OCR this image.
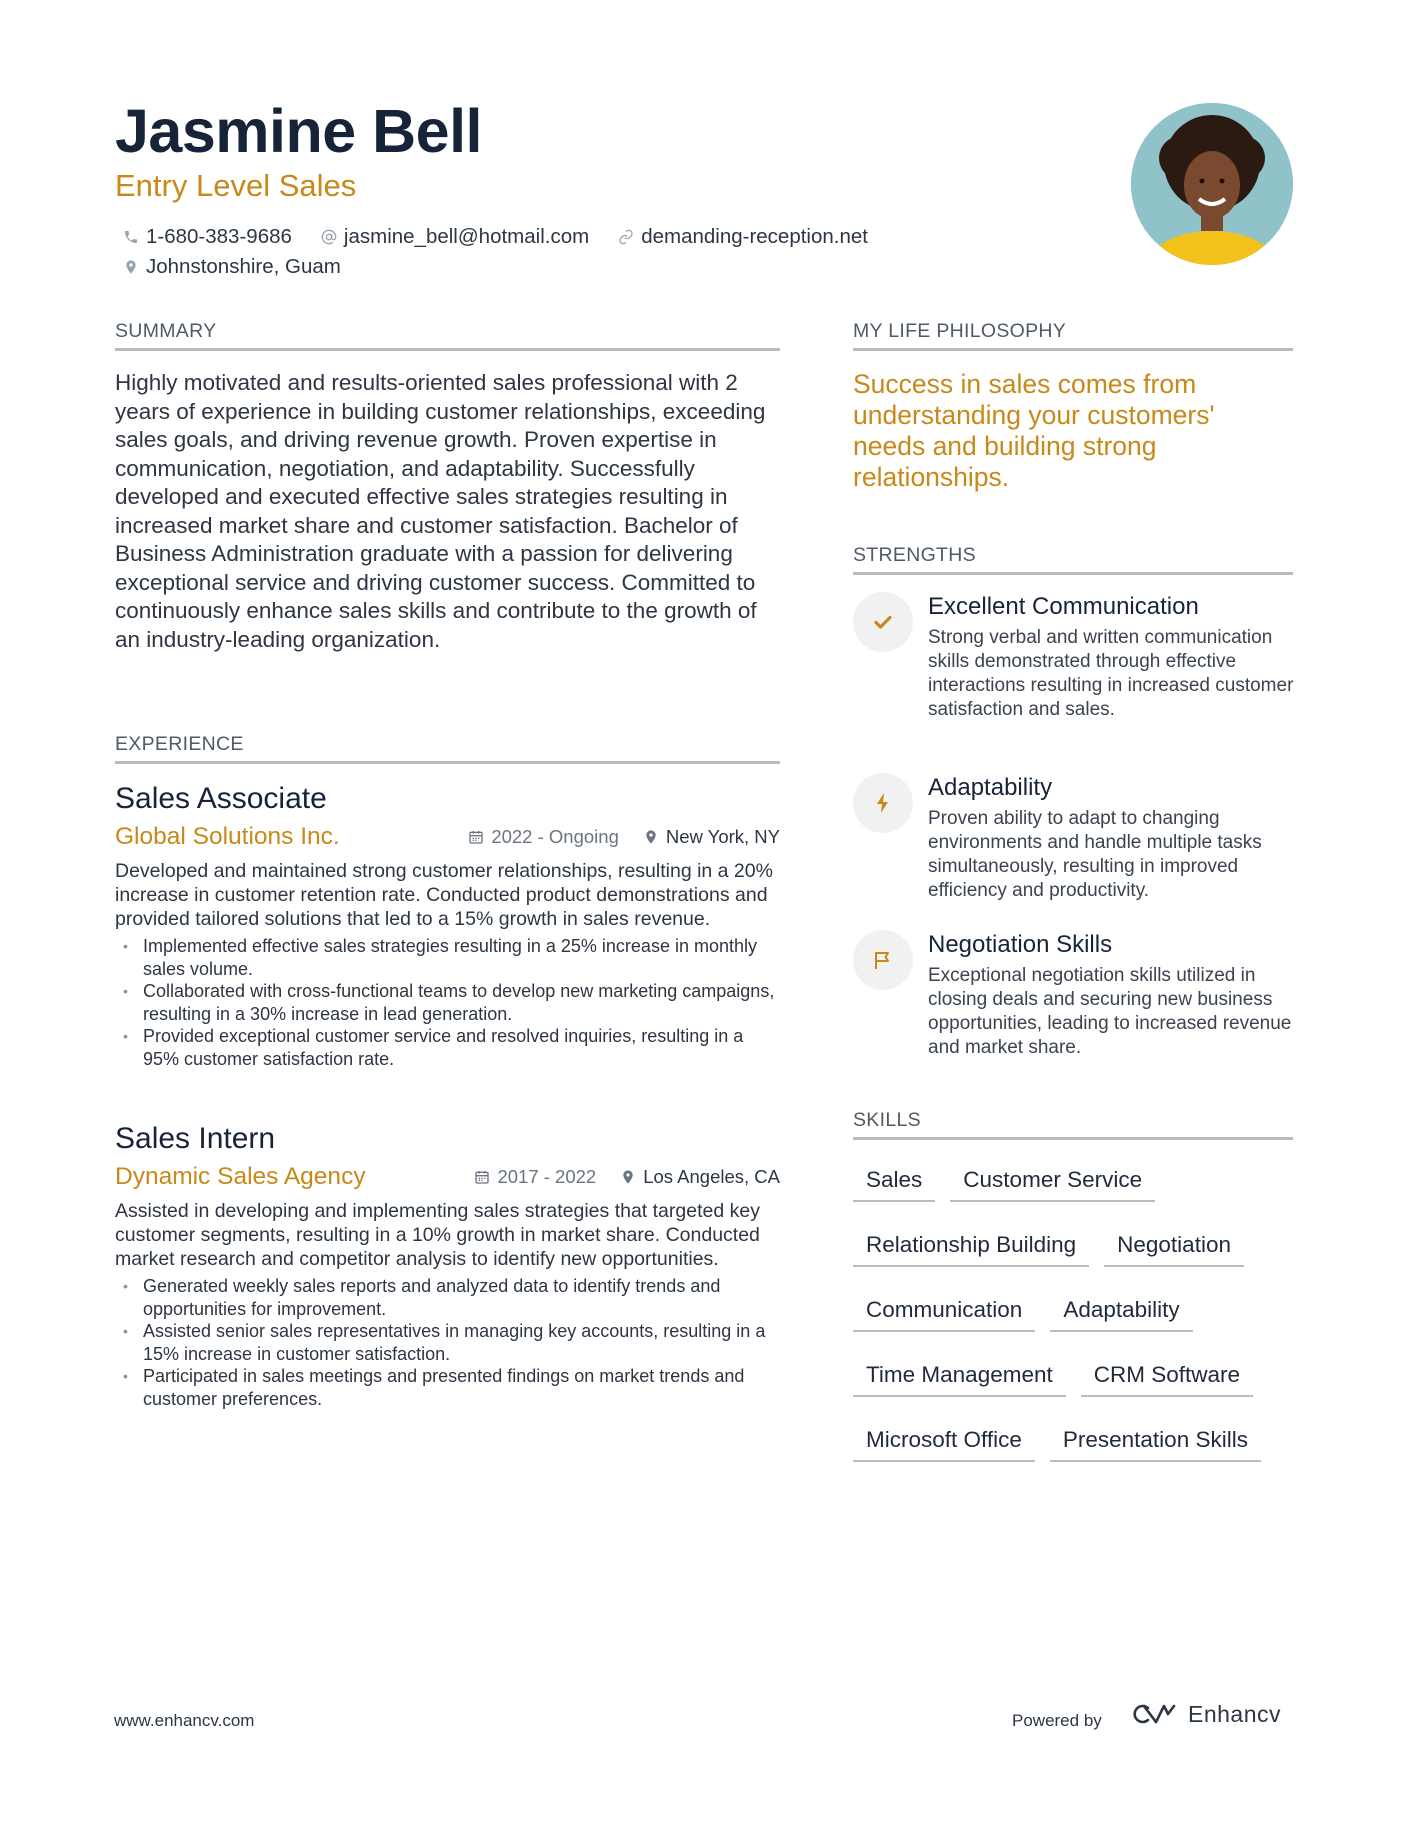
Jasmine Bell
Entry Level Sales
1-680-383-9686	jasmine_bell@hotmail.com	demanding-reception.net
Johnstonshire, Guam
SUMMARY
Highly motivated and results-oriented sales professional with 2 years of experience in building customer relationships, exceeding sales goals, and driving revenue growth. Proven expertise in communication, negotiation, and adaptability. Successfully developed and executed effective sales strategies resulting in increased market share and customer satisfaction. Bachelor of Business Administration graduate with a passion for delivering exceptional service and driving customer success. Committed to continuously enhance sales skills and contribute to the growth of an industry-leading organization.
EXPERIENCE
Sales Associate
Global Solutions Inc.	2022 - Ongoing	New York, NY
Developed and maintained strong customer relationships, resulting in a 20% increase in customer retention rate. Conducted product demonstrations and provided tailored solutions that led to a 15% growth in sales revenue.
• Implemented effective sales strategies resulting in a 25% increase in monthly sales volume.
• Collaborated with cross-functional teams to develop new marketing campaigns, resulting in a 30% increase in lead generation.
• Provided exceptional customer service and resolved inquiries, resulting in a 95% customer satisfaction rate.
Sales Intern
Dynamic Sales Agency	2017 - 2022	Los Angeles, CA
Assisted in developing and implementing sales strategies that targeted key customer segments, resulting in a 10% growth in market share. Conducted market research and competitor analysis to identify new opportunities.
• Generated weekly sales reports and analyzed data to identify trends and opportunities for improvement.
• Assisted senior sales representatives in managing key accounts, resulting in a 15% increase in customer satisfaction.
• Participated in sales meetings and presented findings on market trends and customer preferences.
MY LIFE PHILOSOPHY
Success in sales comes from understanding your customers' needs and building strong relationships.
STRENGTHS
Excellent Communication
Strong verbal and written communication skills demonstrated through effective interactions resulting in increased customer satisfaction and sales.
Adaptability
Proven ability to adapt to changing environments and handle multiple tasks simultaneously, resulting in improved efficiency and productivity.
Negotiation Skills
Exceptional negotiation skills utilized in closing deals and securing new business opportunities, leading to increased revenue and market share.
SKILLS
Sales	Customer Service
Relationship Building	Negotiation
Communication	Adaptability
Time Management	CRM Software
Microsoft Office	Presentation Skills
www.enhancv.com	Powered by	Enhancv
